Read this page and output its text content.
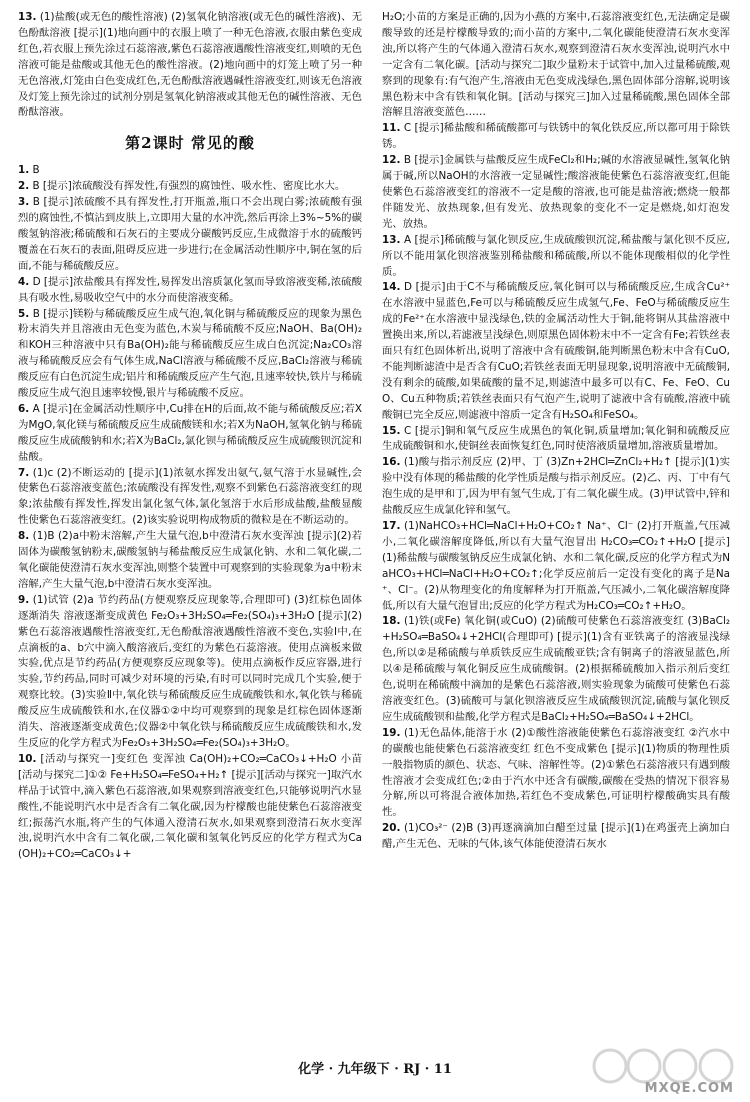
13. (1)盐酸(或无色的酸性溶液) (2)氢氧化钠溶液(或无色的碱性溶液)、无色酚酞溶液 [提示](1)地向画中的衣服上喷了一种无色溶液,衣服由紫色变成红色,若衣服上预先涂过石蕊溶液,紫色石蕊溶液遇酸性溶液变红,则喷的无色溶液可能是盐酸或其他无色的酸性溶液。(2)地向画中的灯笼上喷了另一种无色溶液,灯笼由白色变成红色,无色酚酞溶液遇碱性溶液变红,则该无色溶液及灯笼上预先涂过的试剂分别是氢氧化钠溶液或其他无色的碱性溶液、无色酚酞溶液。

第2课时 常见的酸

1. B

2. B [提示]浓硫酸没有挥发性,有强烈的腐蚀性、吸水性、密度比水大。

3. B [提示]浓硫酸不具有挥发性,打开瓶盖,瓶口不会出现白雾;浓硫酸有强烈的腐蚀性,不慎沾到皮肤上,立即用大量的水冲洗,然后再涂上3%~5%的碳酸氢钠溶液;稀硫酸和石灰石的主要成分碳酸钙反应,生成微溶于水的硫酸钙覆盖在石灰石的表面,阻碍反应进一步进行;在金属活动性顺序中,铜在氢的后面,不能与稀硫酸反应。

4. D [提示]浓盐酸具有挥发性,易挥发出溶质氯化氢而导致溶液变稀,浓硫酸具有吸水性,易吸收空气中的水分而使溶液变稀。

5. B [提示]镁粉与稀硫酸反应生成气泡,氧化铜与稀硫酸反应的现象为黑色粉末消失并且溶液由无色变为蓝色,木炭与稀硫酸不反应;NaOH、Ba(OH)₂和KOH三种溶液中只有Ba(OH)₂能与稀硫酸反应生成白色沉淀;Na₂CO₃溶液与稀硫酸反应会有气体生成,NaCl溶液与稀硫酸不反应,BaCl₂溶液与稀硫酸反应有白色沉淀生成;铝片和稀硫酸反应产生气泡,且速率较快,铁片与稀硫酸反应生成气泡且速率较慢,银片与稀硫酸不反应。

6. A [提示]在金属活动性顺序中,Cu排在H的后面,故不能与稀硫酸反应;若X为MgO,氧化镁与稀硫酸反应生成硫酸镁和水;若X为NaOH,氢氧化钠与稀硫酸反应生成硫酸钠和水;若X为BaCl₂,氯化钡与稀硫酸反应生成硫酸钡沉淀和盐酸。

7. (1)c (2)不断运动的 [提示](1)浓氨水挥发出氨气,氨气溶于水显碱性,会使紫色石蕊溶液变蓝色;浓硫酸没有挥发性,观察不到紫色石蕊溶液变红的现象;浓盐酸有挥发性,挥发出氯化氢气体,氯化氢溶于水后形成盐酸,盐酸显酸性使紫色石蕊溶液变红。(2)该实验说明构成物质的微粒是在不断运动的。

8. (1)B (2)a中粉末溶解,产生大量气泡,b中澄清石灰水变浑浊 [提示](2)若固体为碳酸氢钠粉末,碳酸氢钠与稀盐酸反应生成氯化钠、水和二氧化碳,二氧化碳能使澄清石灰水变浑浊,则整个装置中可观察到的实验现象为a中粉末溶解,产生大量气泡,b中澄清石灰水变浑浊。

9. (1)试管 (2)a 节约药品(方便观察反应现象等,合理即可) (3)红棕色固体逐渐消失 溶液逐渐变成黄色 Fe₂O₃+3H₂SO₄═Fe₂(SO₄)₃+3H₂O [提示](2)紫色石蕊溶液遇酸性溶液变红,无色酚酞溶液遇酸性溶液不变色,实验Ⅰ中,在点滴板的a、b穴中滴入酸溶液后,变红的为紫色石蕊溶液。使用点滴板来做实验,优点是节约药品(方便观察反应现象等)。使用点滴板作反应容器,进行实验,节约药品,同时可减少对环境的污染,有时可以同时完成几个实验,便于观察比较。(3)实验Ⅱ中,氧化铁与稀硫酸反应生成硫酸铁和水,氧化铁与稀硫酸反应生成硫酸铁和水,在仪器①②中均可观察到的现象是红棕色固体逐渐消失、溶液逐渐变成黄色;仪器②中氧化铁与稀硫酸反应生成硫酸铁和水,发生反应的化学方程式为Fe₂O₃+3H₂SO₄═Fe₂(SO₄)₃+3H₂O。

10. [活动与探究一]变红色 变浑浊 Ca(OH)₂+CO₂═CaCO₃↓+H₂O 小苗 [活动与探究二]①② Fe+H₂SO₄═FeSO₄+H₂↑ [提示][活动与探究一]取汽水样品于试管中,滴入紫色石蕊溶液,如果观察到溶液变红色,只能够说明汽水显酸性,不能说明汽水中是否含有二氧化碳,因为柠檬酸也能使紫色石蕊溶液变红;振荡汽水瓶,将产生的气体通入澄清石灰水,如果观察到澄清石灰水变浑浊,说明汽水中含有二氧化碳,二氧化碳和氢氧化钙反应的化学方程式为Ca(OH)₂+CO₂═CaCO₃↓+

H₂O;小苗的方案是正确的,因为小燕的方案中,石蕊溶液变红色,无法确定是碳酸导致的还是柠檬酸导致的;而小苗的方案中,二氧化碳能使澄清石灰水变浑浊,所以将产生的气体通入澄清石灰水,观察到澄清石灰水变浑浊,说明汽水中一定含有二氧化碳。[活动与探究二]取少量粉末于试管中,加入过量稀硫酸,观察到的现象有:有气泡产生,溶液由无色变成浅绿色,黑色固体部分溶解,说明该黑色粉末中含有铁和氧化铜。[活动与探究三]加入过量稀硫酸,黑色固体全部溶解且溶液变蓝色……

11. C [提示]稀盐酸和稀硫酸都可与铁锈中的氧化铁反应,所以都可用于除铁锈。

12. B [提示]金属铁与盐酸反应生成FeCl₂和H₂;碱的水溶液显碱性,氢氧化钠属于碱,所以NaOH的水溶液一定显碱性;酸溶液能使紫色石蕊溶液变红,但能使紫色石蕊溶液变红的溶液不一定是酸的溶液,也可能是盐溶液;燃烧一般都伴随发光、放热现象,但有发光、放热现象的变化不一定是燃烧,如灯泡发光、放热。

13. A [提示]稀硫酸与氯化钡反应,生成硫酸钡沉淀,稀盐酸与氯化钡不反应,所以不能用氯化钡溶液鉴别稀盐酸和稀硫酸,所以不能体现酸相似的化学性质。

14. D [提示]由于C不与稀硫酸反应,氧化铜可以与稀硫酸反应,生成含Cu²⁺在水溶液中显蓝色,Fe可以与稀硫酸反应生成氢气,Fe、FeO与稀硫酸反应生成的Fe²⁺在水溶液中显浅绿色,铁的金属活动性大于铜,能将铜从其盐溶液中置换出来,所以,若滤液呈浅绿色,则原黑色固体粉末中不一定含有Fe;若铁丝表面只有红色固体析出,说明了溶液中含有硫酸铜,能判断黑色粉末中含有CuO,不能判断滤渣中是否含有CuO;若铁丝表面无明显现象,说明溶液中无硫酸铜,没有剩余的硫酸,如果硫酸的量不足,则滤渣中最多可以有C、Fe、FeO、CuO、Cu五种物质;若铁丝表面只有气泡产生,说明了滤液中含有硫酸,溶液中硫酸铜已完全反应,则滤液中溶质一定含有H₂SO₄和FeSO₄。

15. C [提示]铜和氧气反应生成黑色的氧化铜,质量增加;氧化铜和硫酸反应生成硫酸铜和水,使铜丝表面恢复红色,同时使溶液质量增加,溶液质量增加。

16. (1)酸与指示剂反应 (2)甲、丁 (3)Zn+2HCl═ZnCl₂+H₂↑ [提示](1)实验中没有体现的稀盐酸的化学性质是酸与指示剂反应。(2)乙、丙、丁中有气泡生成的是甲和丁,因为甲有氢气生成,丁有二氧化碳生成。(3)甲试管中,锌和盐酸反应生成氯化锌和氢气。

17. (1)NaHCO₃+HCl═NaCl+H₂O+CO₂↑ Na⁺、Cl⁻ (2)打开瓶盖,气压减小,二氧化碳溶解度降低,所以有大量气泡冒出 H₂CO₃═CO₂↑+H₂O [提示](1)稀盐酸与碳酸氢钠反应生成氯化钠、水和二氧化碳,反应的化学方程式为NaHCO₃+HCl═NaCl+H₂O+CO₂↑;化学反应前后一定没有变化的离子是Na⁺、Cl⁻。(2)从物理变化的角度解释为打开瓶盖,气压减小,二氧化碳溶解度降低,所以有大量气泡冒出;反应的化学方程式为H₂CO₃═CO₂↑+H₂O。

18. (1)铁(或Fe) 氧化铜(或CuO) (2)硫酸可使紫色石蕊溶液变红 (3)BaCl₂+H₂SO₄═BaSO₄↓+2HCl(合理即可) [提示](1)含有亚铁离子的溶液显浅绿色,所以②是稀硫酸与单质铁反应生成硫酸亚铁;含有铜离子的溶液显蓝色,所以④是稀硫酸与氧化铜反应生成硫酸铜。(2)根据稀硫酸加入指示剂后变红色,说明在稀硫酸中滴加的是紫色石蕊溶液,则实验现象为硫酸可使紫色石蕊溶液变红色。(3)硫酸可与氯化钡溶液反应生成硫酸钡沉淀,硫酸与氯化钡反应生成硫酸钡和盐酸,化学方程式是BaCl₂+H₂SO₄═BaSO₄↓+2HCl。

19. (1)无色晶体,能溶于水 (2)①酸性溶液能使紫色石蕊溶液变红 ②汽水中的碳酸也能使紫色石蕊溶液变红 红色不变成紫色 [提示](1)物质的物理性质一般指物质的颜色、状态、气味、溶解性等。(2)①紫色石蕊溶液只有遇到酸性溶液才会变成红色;②由于汽水中还含有碳酸,碳酸在受热的情况下很容易分解,所以可将混合液体加热,若红色不变成紫色,可证明柠檬酸确实具有酸性。

20. (1)CO₃²⁻ (2)B (3)再逐滴滴加白醋至过量 [提示](1)在鸡蛋壳上滴加白醋,产生无色、无味的气体,该气体能使澄清石灰水

化学 · 九年级下 · RJ · 11
MXQE.COM
